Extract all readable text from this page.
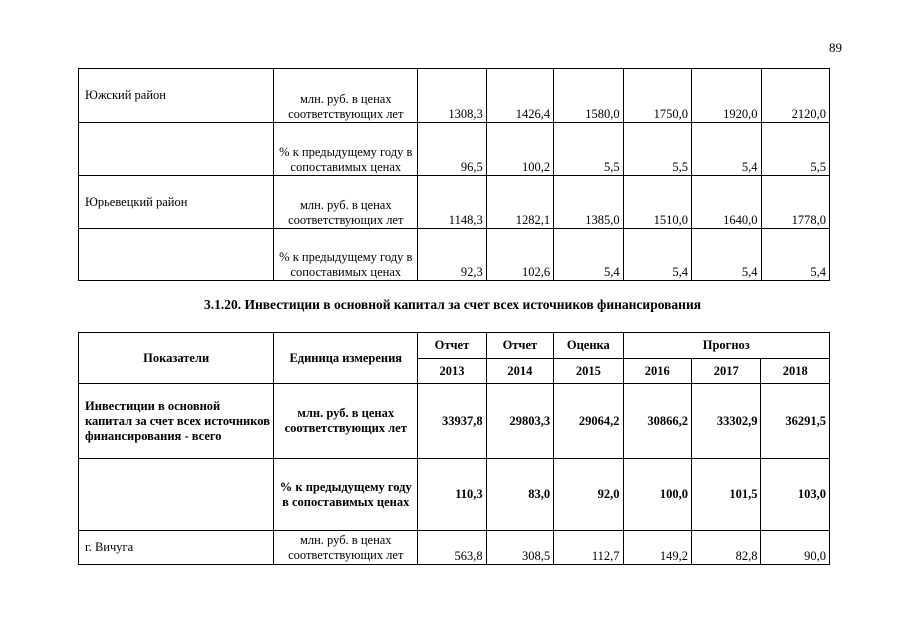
89
Южский район	млн. руб. в ценах соответствующих лет	1308,3	1426,4	1580,0	1750,0	1920,0	2120,0
	% к предыдущему году в сопоставимых ценах	96,5	100,2	5,5	5,5	5,4	5,5
Юрьевецкий район	млн. руб. в ценах соответствующих лет	1148,3	1282,1	1385,0	1510,0	1640,0	1778,0
	% к предыдущему году в сопоставимых ценах	92,3	102,6	5,4	5,4	5,4	5,4
3.1.20. Инвестиции в основной капитал за счет всех источников финансирования
Показатели	Единица измерения	Отчет	Отчет	Оценка	Прогноз		
		2013	2014	2015	2016	2017	2018
Инвестиции в основной капитал за счет всех источников финансирования - всего	млн. руб. в ценах соответствующих лет	33937,8	29803,3	29064,2	30866,2	33302,9	36291,5
	% к предыдущему году в сопоставимых ценах	110,3	83,0	92,0	100,0	101,5	103,0
г. Вичуга	млн. руб. в ценах соответствующих лет	563,8	308,5	112,7	149,2	82,8	90,0
